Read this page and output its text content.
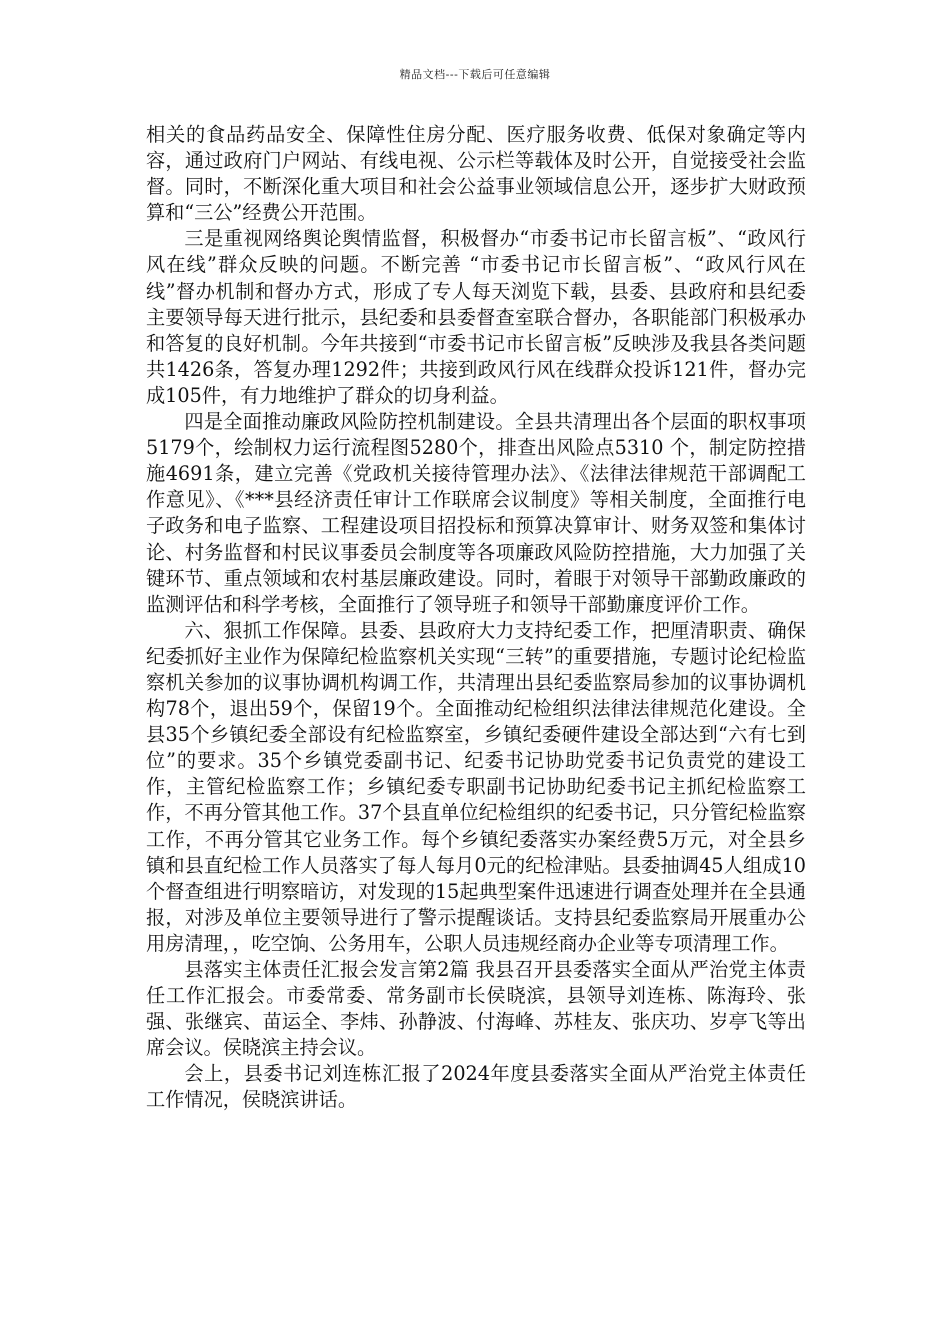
精品文档---下载后可任意编辑

相关的食品药品安全、保障性住房分配、医疗服务收费、低保对象确定等内容，通过政府门户网站、有线电视、公示栏等载体及时公开，自觉接受社会监督。同时，不断深化重大项目和社会公益事业领域信息公开，逐步扩大财政预算和“三公”经费公开范围。

三是重视网络舆论舆情监督，积极督办“市委书记市长留言板”、“政风行风在线”群众反映的问题。不断完善 “市委书记市长留言板”、“政风行风在线”督办机制和督办方式，形成了专人每天浏览下载，县委、县政府和县纪委主要领导每天进行批示，县纪委和县委督查室联合督办，各职能部门积极承办和答复的良好机制。今年共接到“市委书记市长留言板”反映涉及我县各类问题共1426条，答复办理1292件；共接到政风行风在线群众投诉121件，督办完成105件，有力地维护了群众的切身利益。

四是全面推动廉政风险防控机制建设。全县共清理出各个层面的职权事项5179个，绘制权力运行流程图5280个，排查出风险点5310 个，制定防控措施4691条，建立完善《党政机关接待管理办法》、《法律法律规范干部调配工作意见》、《***县经济责任审计工作联席会议制度》等相关制度，全面推行电子政务和电子监察、工程建设项目招投标和预算决算审计、财务双签和集体讨论、村务监督和村民议事委员会制度等各项廉政风险防控措施，大力加强了关键环节、重点领域和农村基层廉政建设。同时，着眼于对领导干部勤政廉政的监测评估和科学考核，全面推行了领导班子和领导干部勤廉度评价工作。

六、狠抓工作保障。县委、县政府大力支持纪委工作，把厘清职责、确保纪委抓好主业作为保障纪检监察机关实现“三转”的重要措施，专题讨论纪检监察机关参加的议事协调机构调工作，共清理出县纪委监察局参加的议事协调机构78个，退出59个，保留19个。全面推动纪检组织法律法律规范化建设。全县35个乡镇纪委全部设有纪检监察室，乡镇纪委硬件建设全部达到“六有七到位”的要求。35个乡镇党委副书记、纪委书记协助党委书记负责党的建设工作，主管纪检监察工作；乡镇纪委专职副书记协助纪委书记主抓纪检监察工作，不再分管其他工作。37个县直单位纪检组织的纪委书记，只分管纪检监察工作，不再分管其它业务工作。每个乡镇纪委落实办案经费5万元，对全县乡镇和县直纪检工作人员落实了每人每月0元的纪检津贴。县委抽调45人组成10个督查组进行明察暗访，对发现的15起典型案件迅速进行调查处理并在全县通报，对涉及单位主要领导进行了警示提醒谈话。支持县纪委监察局开展重办公用房清理，，吃空饷、公务用车，公职人员违规经商办企业等专项清理工作。

县落实主体责任汇报会发言第2篇 我县召开县委落实全面从严治党主体责任工作汇报会。市委常委、常务副市长侯晓滨，县领导刘连栋、陈海玲、张强、张继宾、苗运全、李炜、孙静波、付海峰、苏桂友、张庆功、岁亭飞等出席会议。侯晓滨主持会议。

会上，县委书记刘连栋汇报了2024年度县委落实全面从严治党主体责任工作情况，侯晓滨讲话。
